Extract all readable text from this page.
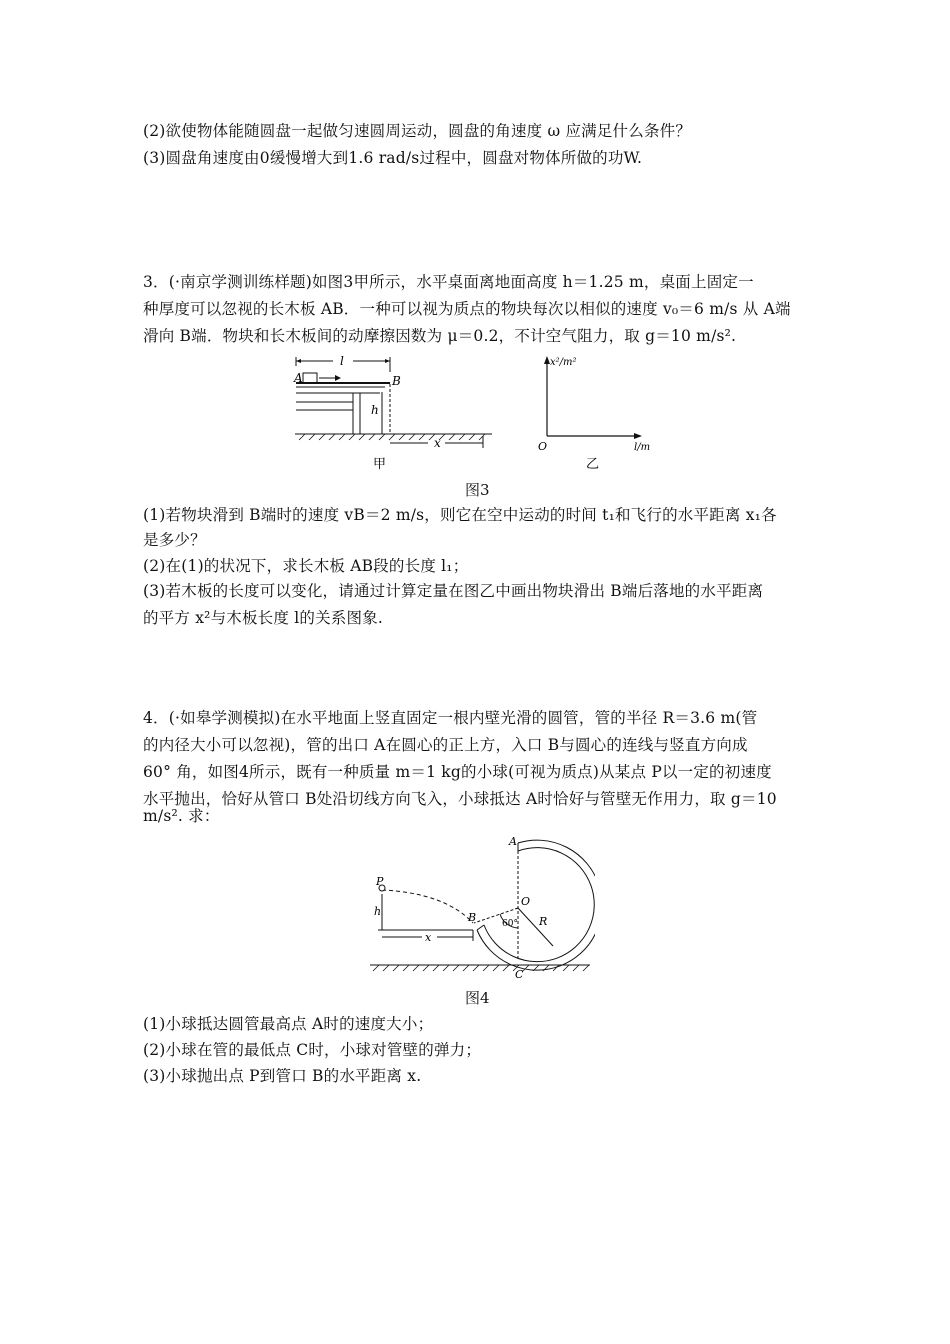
(2)欲使物体能随圆盘一起做匀速圆周运动，圆盘的角速度 ω 应满足什么条件？
(3)圆盘角速度由0缓慢增大到1.6 rad/s过程中，圆盘对物体所做的功W.
3．(·南京学测训练样题)如图3甲所示，水平桌面离地面高度 h＝1.25 m，桌面上固定一
种厚度可以忽视的长木板 AB．一种可以视为质点的物块每次以相似的速度 v₀＝6 m/s 从 A端
滑向 B端．物块和长木板间的动摩擦因数为 μ＝0.2，不计空气阻力，取 g＝10 m/s².
l
A	B
h
x
甲
x²/m²
l/m
O
乙
图3
(1)若物块滑到 B端时的速度 vB＝2 m/s，则它在空中运动的时间 t₁和飞行的水平距离 x₁各
是多少？
(2)在(1)的状况下，求长木板 AB段的长度 l₁；
(3)若木板的长度可以变化，请通过计算定量在图乙中画出物块滑出 B端后落地的水平距离
的平方 x²与木板长度 l的关系图象.
4．(·如皋学测模拟)在水平地面上竖直固定一根内壁光滑的圆管，管的半径 R＝3.6 m(管
的内径大小可以忽视)，管的出口 A在圆心的正上方，入口 B与圆心的连线与竖直方向成
60° 角，如图4所示，既有一种质量 m＝1 kg的小球(可视为质点)从某点 P以一定的初速度
水平抛出，恰好从管口 B处沿切线方向飞入，小球抵达 A时恰好与管壁无作用力，取 g＝10
m/s². 求：
P
h
x
B
A
O
R
C
60°
图4
(1)小球抵达圆管最高点 A时的速度大小；
(2)小球在管的最低点 C时，小球对管壁的弹力；
(3)小球抛出点 P到管口 B的水平距离 x.
